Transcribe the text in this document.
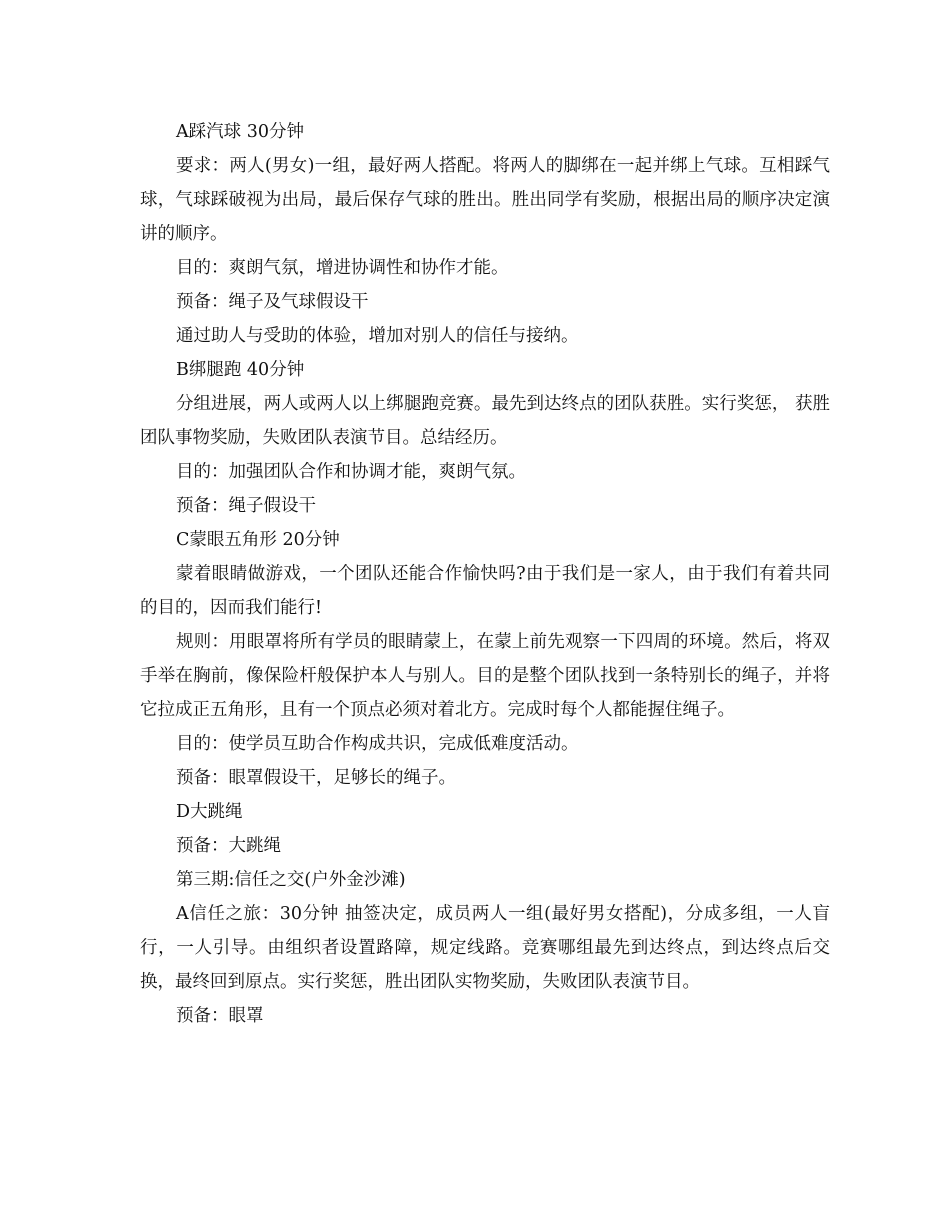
A踩汽球 30分钟

要求：两人(男女)一组，最好两人搭配。将两人的脚绑在一起并绑上气球。互相踩气球，气球踩破视为出局，最后保存气球的胜出。胜出同学有奖励，根据出局的顺序决定演讲的顺序。

目的：爽朗气氛，增进协调性和协作才能。

预备：绳子及气球假设干

通过助人与受助的体验，增加对别人的信任与接纳。

B绑腿跑 40分钟

分组进展，两人或两人以上绑腿跑竞赛。最先到达终点的团队获胜。实行奖惩， 获胜团队事物奖励，失败团队表演节目。总结经历。

目的：加强团队合作和协调才能，爽朗气氛。

预备：绳子假设干

C蒙眼五角形 20分钟

蒙着眼睛做游戏，一个团队还能合作愉快吗?由于我们是一家人，由于我们有着共同的目的，因而我们能行!

规则：用眼罩将所有学员的眼睛蒙上，在蒙上前先观察一下四周的环境。然后，将双手举在胸前，像保险杆般保护本人与别人。目的是整个团队找到一条特别长的绳子，并将它拉成正五角形，且有一个顶点必须对着北方。完成时每个人都能握住绳子。

目的：使学员互助合作构成共识，完成低难度活动。

预备：眼罩假设干，足够长的绳子。

D大跳绳

预备：大跳绳

第三期:信任之交(户外金沙滩)

A信任之旅：30分钟 抽签决定，成员两人一组(最好男女搭配)，分成多组，一人盲行，一人引导。由组织者设置路障，规定线路。竞赛哪组最先到达终点，到达终点后交换，最终回到原点。实行奖惩，胜出团队实物奖励，失败团队表演节目。

预备：眼罩
